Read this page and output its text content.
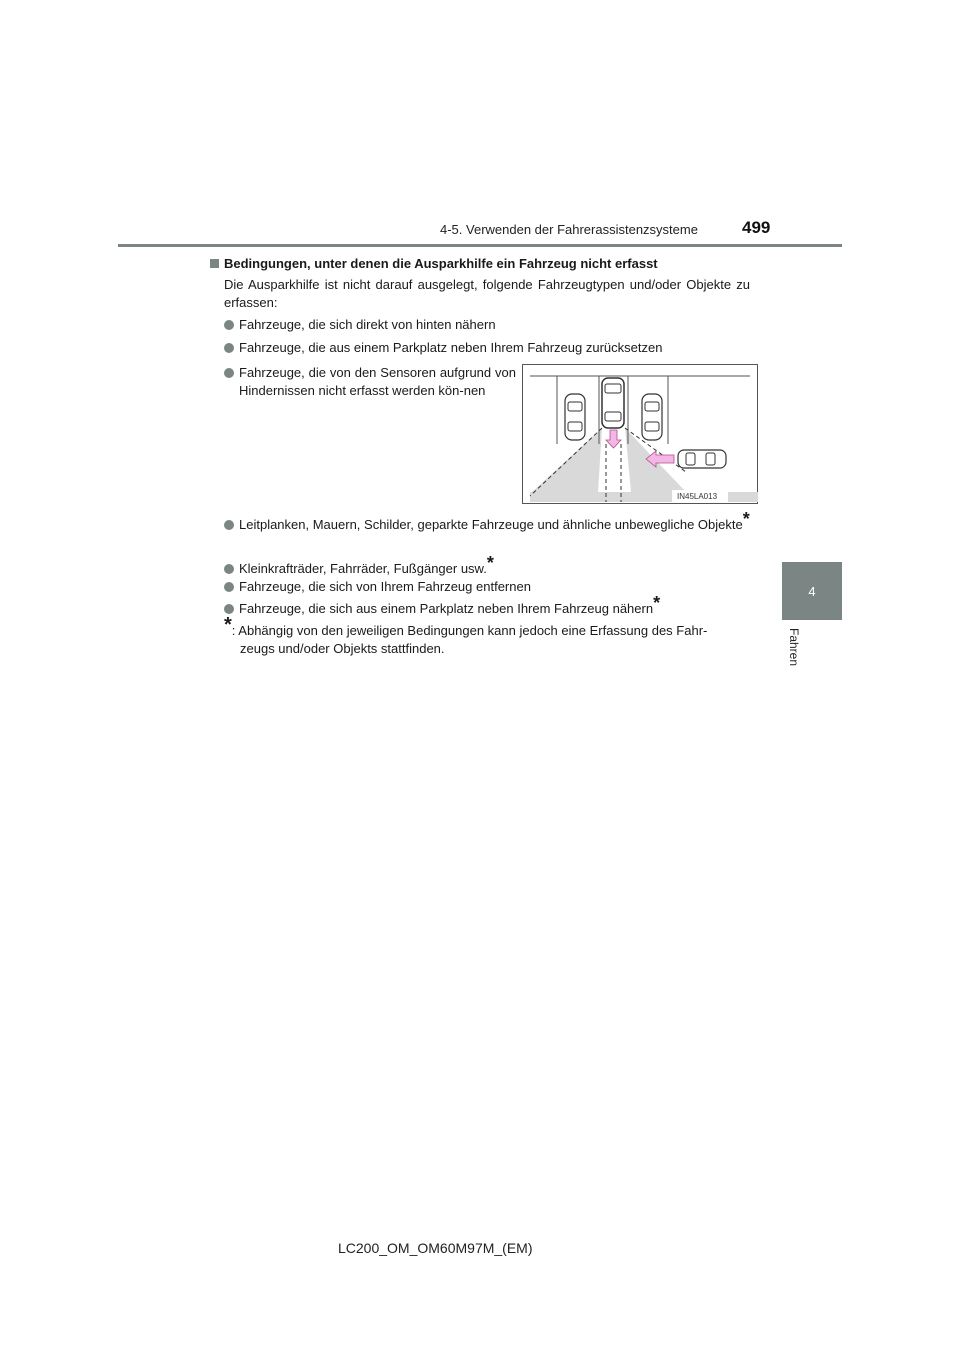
4-5. Verwenden der Fahrerassistenzsysteme	499
4
Fahren
Bedingungen, unter denen die Ausparkhilfe ein Fahrzeug nicht erfasst
Die Ausparkhilfe ist nicht darauf ausgelegt, folgende Fahrzeugtypen und/oder Objekte zu erfassen:
Fahrzeuge, die sich direkt von hinten nähern
Fahrzeuge, die aus einem Parkplatz neben Ihrem Fahrzeug zurücksetzen
Fahrzeuge, die von den Sensoren aufgrund von Hindernissen nicht erfasst werden kön-nen
IN45LA013
Leitplanken, Mauern, Schilder, geparkte Fahrzeuge und ähnliche unbewegliche Objekte*
Kleinkrafträder, Fahrräder, Fußgänger usw.*
Fahrzeuge, die sich von Ihrem Fahrzeug entfernen
Fahrzeuge, die sich aus einem Parkplatz neben Ihrem Fahrzeug nähern*
*: Abhängig von den jeweiligen Bedingungen kann jedoch eine Erfassung des Fahr-
zeugs und/oder Objekts stattfinden.
LC200_OM_OM60M97M_(EM)
